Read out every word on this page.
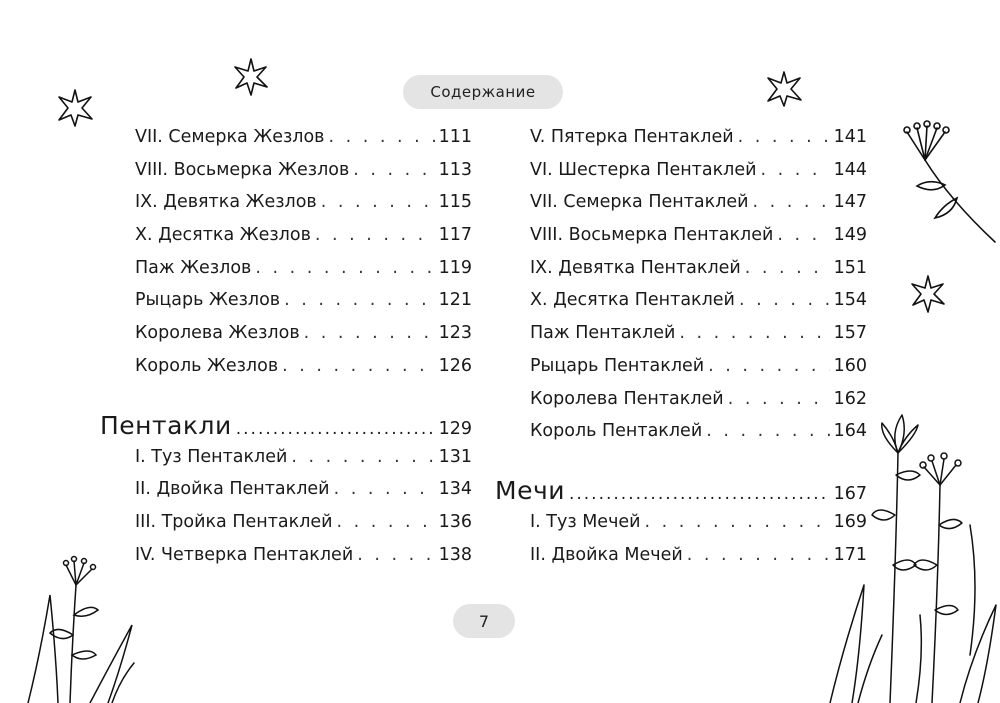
Содержание
VII. Семерка Жезлов . . .	111
VIII. Восьмерка Жезлов . . .	113
IX. Девятка Жезлов . . .	115
X. Десятка Жезлов . . .	117
Паж Жезлов . . .	119
Рыцарь Жезлов . . .	121
Королева Жезлов . . .	123
Король Жезлов . . .	126
Пентакли .....	129
I. Туз Пентаклей . . .	131
II. Двойка Пентаклей . . .	134
III. Тройка Пентаклей . . .	136
IV. Четверка Пентаклей . . .	138
V. Пятерка Пентаклей . . .	141
VI. Шестерка Пентаклей . . .	144
VII. Семерка Пентаклей . . .	147
VIII. Восьмерка Пентаклей . . .	149
IX. Девятка Пентаклей . . .	151
X. Десятка Пентаклей . . .	154
Паж Пентаклей . . .	157
Рыцарь Пентаклей . . .	160
Королева Пентаклей . . .	162
Король Пентаклей . . .	164
Мечи .....	167
I. Туз Мечей . . .	169
II. Двойка Мечей . . .	171
7
